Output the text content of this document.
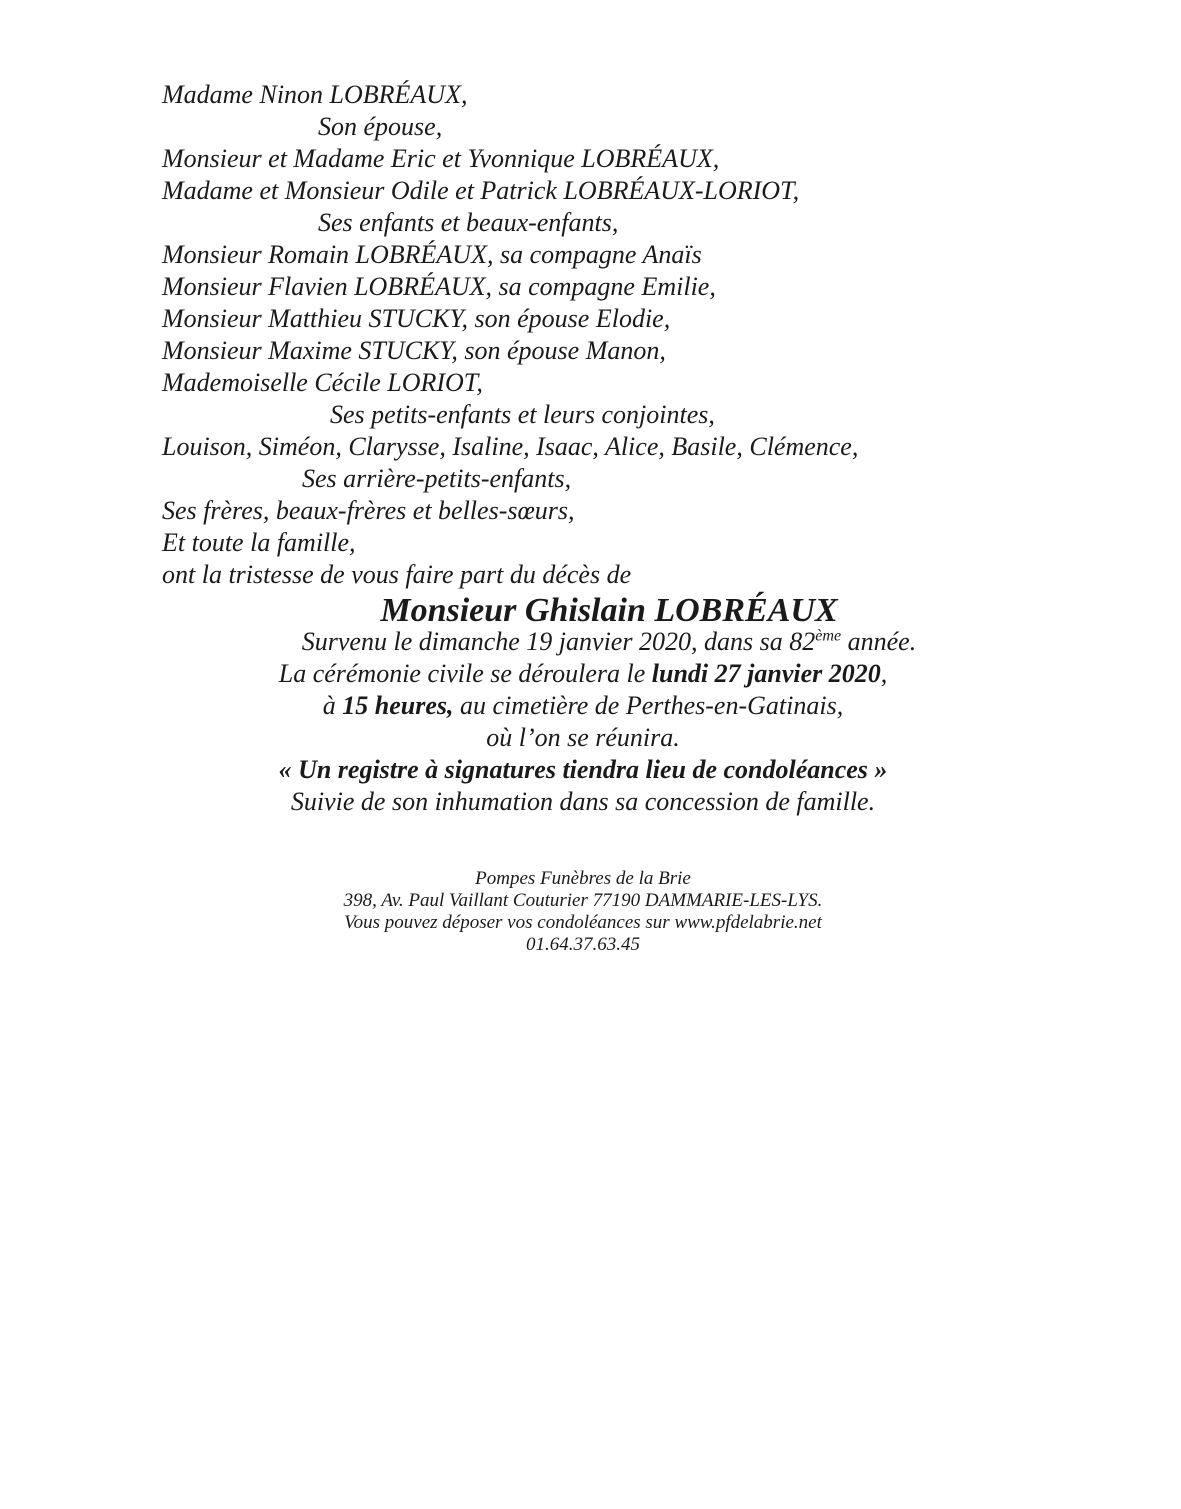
Madame Ninon LOBRÉAUX,

Son épouse,

Monsieur et Madame Eric et Yvonnique LOBRÉAUX,

Madame et Monsieur Odile et Patrick LOBRÉAUX-LORIOT,

Ses enfants et beaux-enfants,

Monsieur Romain LOBRÉAUX, sa compagne Anaïs

Monsieur Flavien LOBRÉAUX, sa compagne Emilie,

Monsieur Matthieu STUCKY, son épouse Elodie,

Monsieur Maxime STUCKY, son épouse Manon,

Mademoiselle Cécile LORIOT,

Ses petits-enfants et leurs conjointes,

Louison, Siméon, Clarysse, Isaline, Isaac, Alice, Basile, Clémence,

Ses arrière-petits-enfants,

Ses frères, beaux-frères et belles-sœurs,

Et toute la famille,

ont la tristesse de vous faire part du décès de

Monsieur Ghislain LOBRÉAUX

Survenu le dimanche 19 janvier 2020, dans sa 82ème année.

La cérémonie civile se déroulera le lundi 27 janvier 2020,

à 15 heures, au cimetière de Perthes-en-Gatinais,

où l’on se réunira.

« Un registre à signatures tiendra lieu de condoléances »

Suivie de son inhumation dans sa concession de famille.

Pompes Funèbres de la Brie

398, Av. Paul Vaillant Couturier 77190 DAMMARIE-LES-LYS.

Vous pouvez déposer vos condoléances sur www.pfdelabrie.net

01.64.37.63.45
